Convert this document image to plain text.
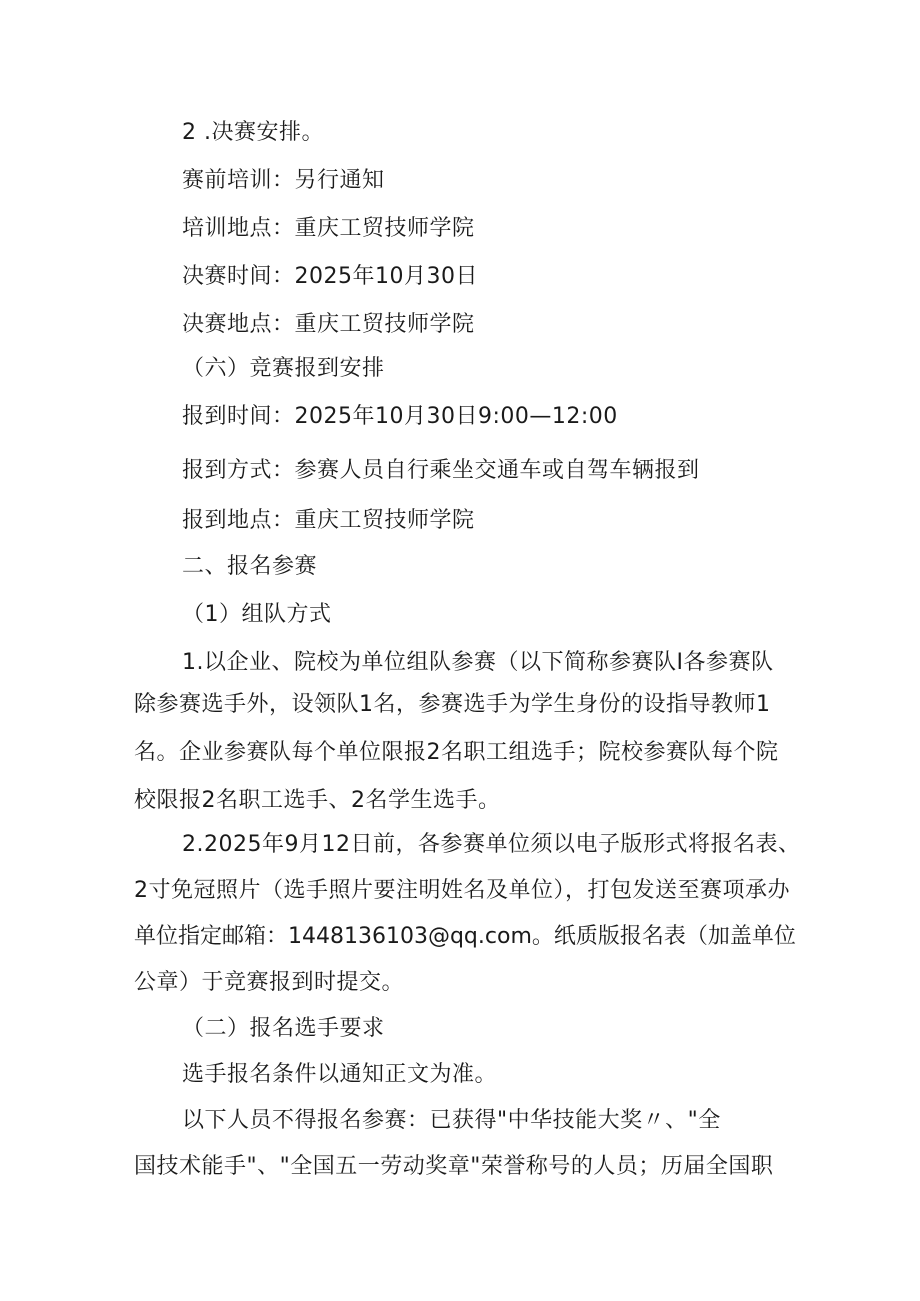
2 .决赛安排。
赛前培训：另行通知
培训地点：重庆工贸技师学院
决赛时间：2025年10月30日
决赛地点：重庆工贸技师学院
（六）竞赛报到安排
报到时间：2025年10月30日9:00—12:00
报到方式：参赛人员自行乘坐交通车或自驾车辆报到
报到地点：重庆工贸技师学院
二、报名参赛
（1）组队方式
1.以企业、院校为单位组队参赛（以下简称参赛队I各参赛队
除参赛选手外，设领队1名，参赛选手为学生身份的设指导教师1
名。企业参赛队每个单位限报2名职工组选手；院校参赛队每个院
校限报2名职工选手、2名学生选手。
2.2025年9月12日前，各参赛单位须以电子版形式将报名表、
2寸免冠照片（选手照片要注明姓名及单位），打包发送至赛项承办
单位指定邮箱：1448136103@qq.com。纸质版报名表（加盖单位
公章）于竞赛报到时提交。
（二）报名选手要求
选手报名条件以通知正文为准。
以下人员不得报名参赛：已获得"中华技能大奖〃、"全
国技术能手"、"全国五一劳动奖章"荣誉称号的人员；历届全国职
